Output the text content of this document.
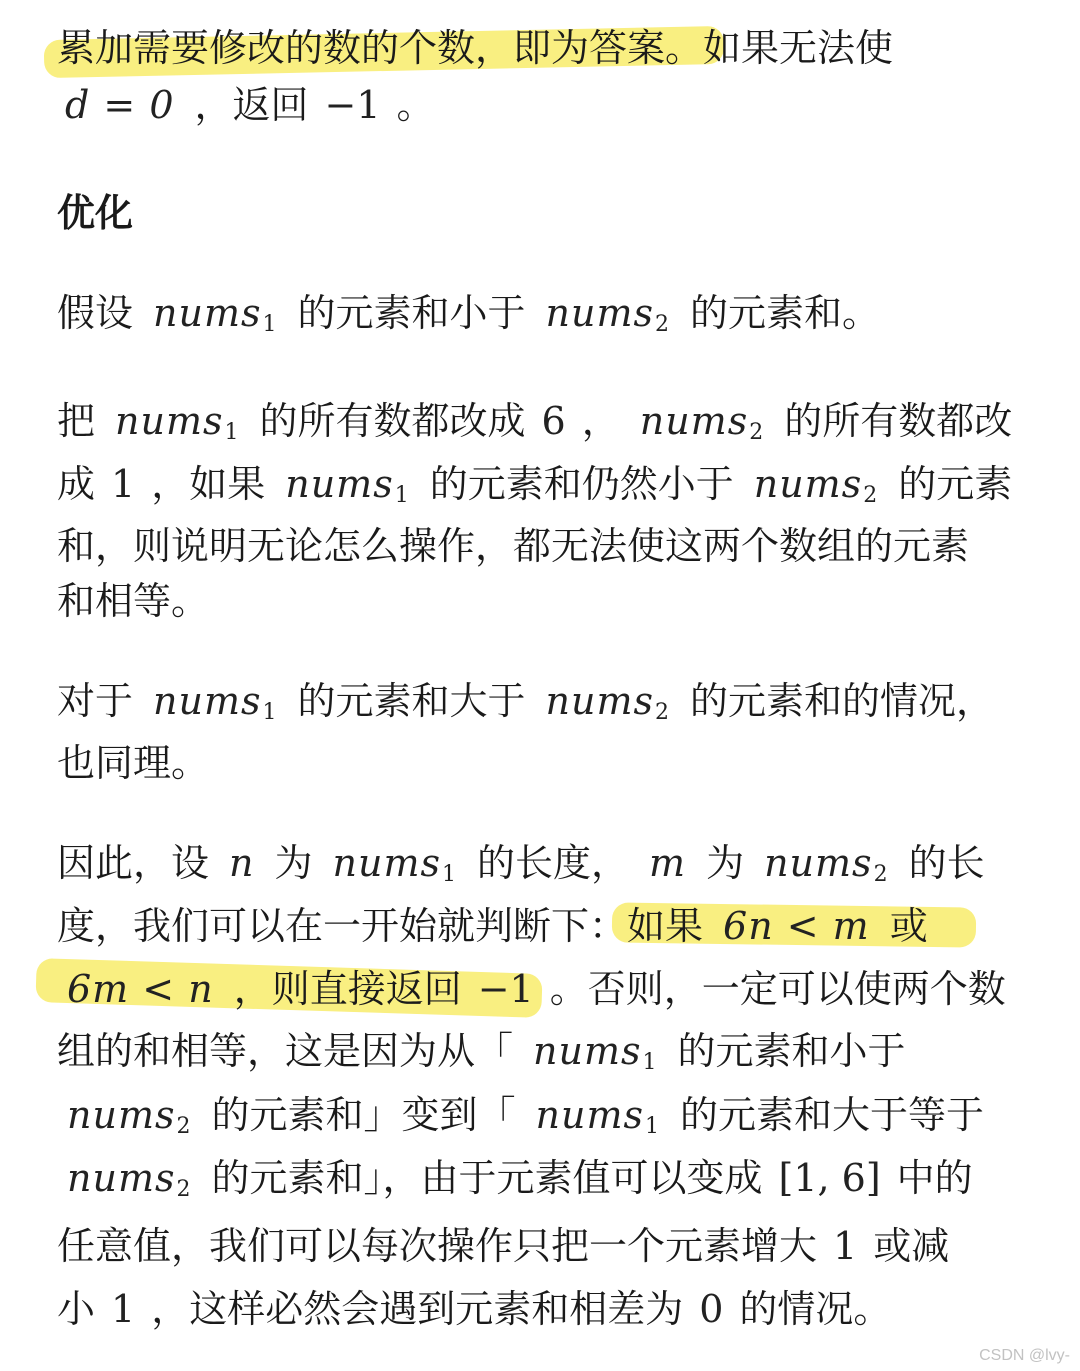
累加需要修改的数的个数，即为答案。如果无法使
d = 0 ，返回 −1 。
优化
假设 nums$_1$ 的元素和小于 nums$_2$ 的元素和。
把 nums$_1$ 的所有数都改成 6 ， nums$_2$ 的所有数都改
成 1 ，如果 nums$_1$ 的元素和仍然小于 nums$_2$ 的元素
和，则说明无论怎么操作，都无法使这两个数组的元素
和相等。
对于 nums$_1$ 的元素和大于 nums$_2$ 的元素和的情况，
也同理。
因此，设 n 为 nums$_1$ 的长度， m 为 nums$_2$ 的长
度，我们可以在一开始就判断下：如果 6n < m 或
6m < n ，则直接返回 −1 。否则，一定可以使两个数
组的和相等，这是因为从「 nums$_1$ 的元素和小于
nums$_2$ 的元素和」变到「 nums$_1$ 的元素和大于等于
nums$_2$ 的元素和」，由于元素值可以变成 [1, 6] 中的
任意值，我们可以每次操作只把一个元素增大 1 或减
小 1 ，这样必然会遇到元素和相差为 0 的情况。
CSDN @lvy-
